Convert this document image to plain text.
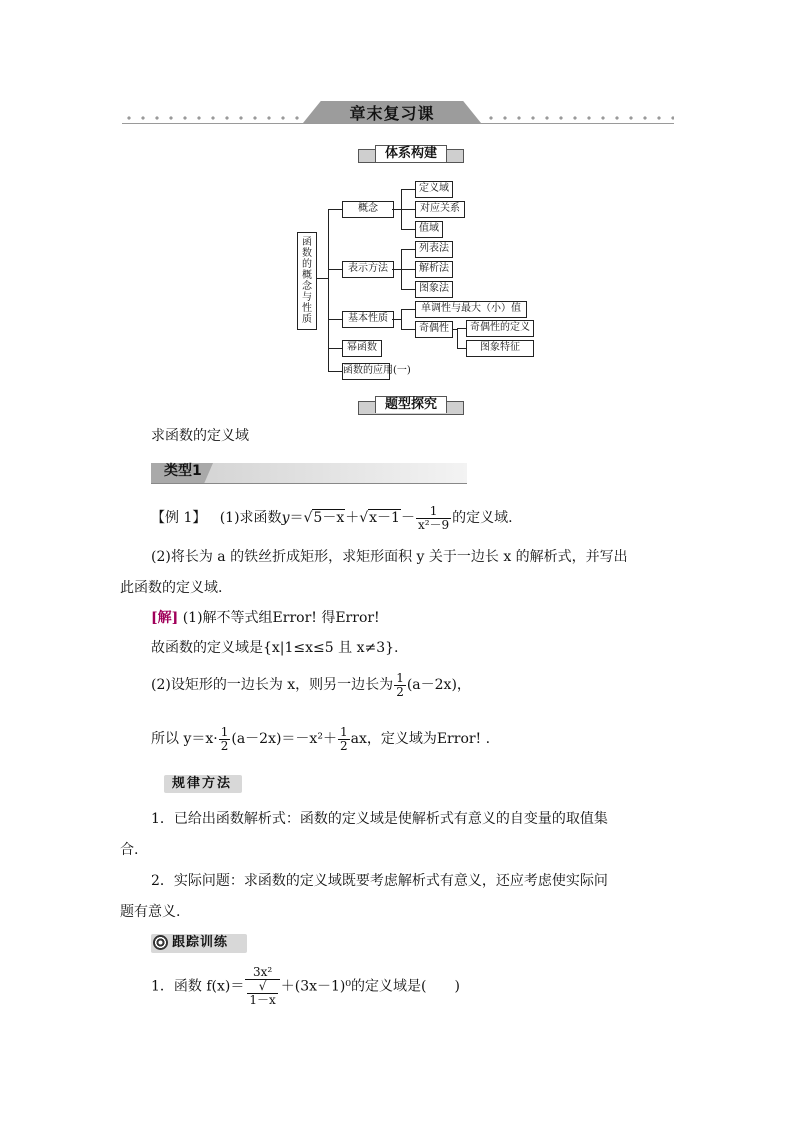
章末复习课
体系构建
函数的概念与性质
概念
表示方法
基本性质
幂函数
函数的应用(一)
定义域
对应关系
值域
列表法
解析法
图象法
单调性与最大（小）值
奇偶性	奇偶性的定义
图象特征
题型探究
求函数的定义域
类型1
【例 1】 (1)求函数$y=√5-x+√x-1- \frac{1}{\text{x²－9}}$ 的定义域.
(2)将长为 a 的铁丝折成矩形，求矩形面积 y 关于一边长 x 的解析式，并写出
此函数的定义域.
[解] (1)解不等式组Error! 得Error!
故函数的定义域是{x|1≤x≤5 且 x≠3}.
(2)设矩形的一边长为 x，则另一边长为 $\frac{1}{2} (a-2x)$，
所以 $y=x\cdot \frac{1}{2} (a-2x)=-x^2+ \frac{1}{2}$ ax，定义域为Error! .
规律方法
1．已给出函数解析式：函数的定义域是使解析式有意义的自变量的取值集
合.
2．实际问题：求函数的定义域既要考虑解析式有意义，还应考虑使实际问
题有意义.
跟踪训练
1．函数 f(x)＝ 3x²
√
1－x ＋(3x－1)⁰的定义域是(　　)
